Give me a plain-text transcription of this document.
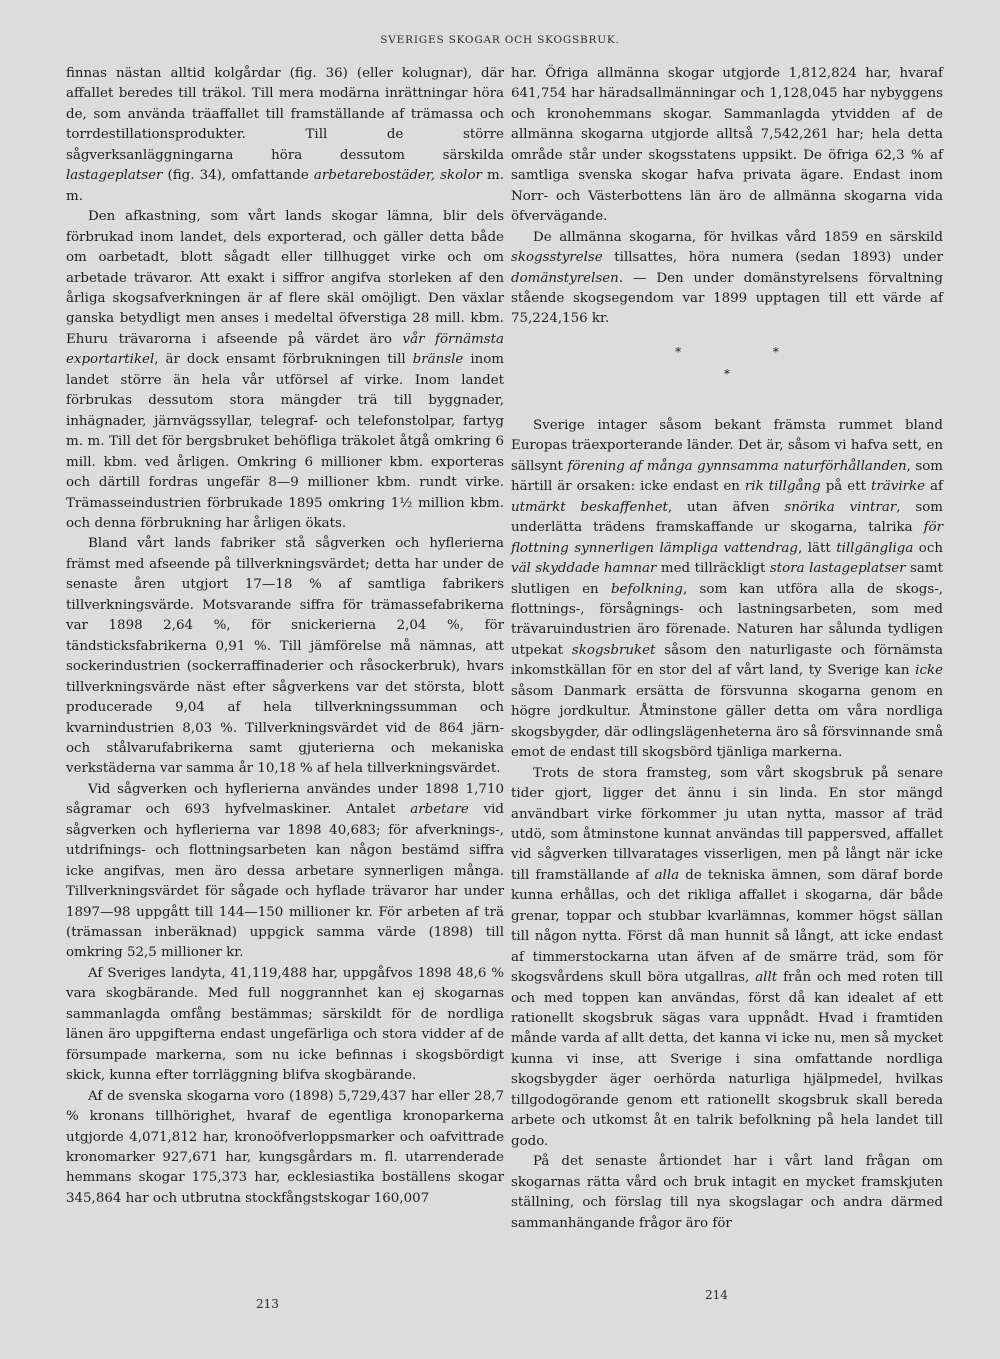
SVERIGES SKOGAR OCH SKOGSBRUK.

finnas nästan alltid kolgårdar (fig. 36) (eller kolugnar), där affallet beredes till träkol. Till mera modärna inrättningar höra de, som använda träaffallet till framställande af trämassa och torrdestillationsprodukter. Till de större sågverksanläggningarna höra dessutom särskilda lastageplatser (fig. 34), omfattande arbetarebostäder, skolor m. m.

Den afkastning, som vårt lands skogar lämna, blir dels förbrukad inom landet, dels exporterad, och gäller detta både om oarbetadt, blott sågadt eller tillhugget virke och om arbetade trävaror. Att exakt i siffror angifva storleken af den årliga skogsafverkningen är af flere skäl omöjligt. Den växlar ganska betydligt men anses i medeltal öfverstiga 28 mill. kbm. Ehuru trävarorna i afseende på värdet äro vår förnämsta exportartikel, är dock ensamt förbrukningen till bränsle inom landet större än hela vår utförsel af virke. Inom landet förbrukas dessutom stora mängder trä till byggnader, inhägnader, järnvägssyllar, telegraf- och telefonstolpar, fartyg m. m. Till det för bergsbruket behöfliga träkolet åtgå omkring 6 mill. kbm. ved årligen. Omkring 6 millioner kbm. exporteras och därtill fordras ungefär 8—9 millioner kbm. rundt virke. Trämasseindustrien förbrukade 1895 omkring 1½ million kbm. och denna förbrukning har årligen ökats.

Bland vårt lands fabriker stå sågverken och hyflerierna främst med afseende på tillverkningsvärdet; detta har under de senaste åren utgjort 17—18 % af samtliga fabrikers tillverkningsvärde. Motsvarande siffra för trämassefabrikerna var 1898 2,64 %, för snickerierna 2,04 %, för tändsticksfabrikerna 0,91 %. Till jämförelse må nämnas, att sockerindustrien (sockerraffinaderier och råsockerbruk), hvars tillverkningsvärde näst efter sågverkens var det största, blott producerade 9,04 af hela tillverkningssumman och kvarnindustrien 8,03 %. Tillverkningsvärdet vid de 864 järn- och stålvarufabrikerna samt gjuterierna och mekaniska verkstäderna var samma år 10,18 % af hela tillverkningsvärdet.

Vid sågverken och hyflerierna användes under 1898 1,710 sågramar och 693 hyfvelmaskiner. Antalet arbetare vid sågverken och hyflerierna var 1898 40,683; för afverknings-, utdrifnings- och flottningsarbeten kan någon bestämd siffra icke angifvas, men äro dessa arbetare synnerligen många. Tillverkningsvärdet för sågade och hyflade trävaror har under 1897—98 uppgått till 144—150 millioner kr. För arbeten af trä (trämassan inberäknad) uppgick samma värde (1898) till omkring 52,5 millioner kr.

Af Sveriges landyta, 41,119,488 har, uppgåfvos 1898 48,6 % vara skogbärande. Med full noggrannhet kan ej skogarnas sammanlagda omfång bestämmas; särskildt för de nordliga länen äro uppgifterna endast ungefärliga och stora vidder af de försumpade markerna, som nu icke befinnas i skogsbördigt skick, kunna efter torrläggning blifva skogbärande.

Af de svenska skogarna voro (1898) 5,729,437 har eller 28,7 % kronans tillhörighet, hvaraf de egentliga kronoparkerna utgjorde 4,071,812 har, kronoöfverloppsmarker och oafvittrade kronomarker 927,671 har, kungsgårdars m. fl. utarrenderade hemmans skogar 175,373 har, ecklesiastika boställens skogar 345,864 har och utbrutna stockfångstskogar 160,007

har. Öfriga allmänna skogar utgjorde 1,812,824 har, hvaraf 641,754 har häradsallmänningar och 1,128,045 har nybyggens och kronohemmans skogar. Sammanlagda ytvidden af de allmänna skogarna utgjorde alltså 7,542,261 har; hela detta område står under skogsstatens uppsikt. De öfriga 62,3 % af samtliga svenska skogar hafva privata ägare. Endast inom Norr- och Västerbottens län äro de allmänna skogarna vida öfvervägande.

De allmänna skogarna, för hvilkas vård 1859 en särskild skogsstyrelse tillsattes, höra numera (sedan 1893) under domänstyrelsen. — Den under domänstyrelsens förvaltning stående skogsegendom var 1899 upptagen till ett värde af 75,224,156 kr.

* *
*

Sverige intager såsom bekant främsta rummet bland Europas träexporterande länder. Det är, såsom vi hafva sett, en sällsynt förening af många gynnsamma naturförhållanden, som härtill är orsaken: icke endast en rik tillgång på ett trävirke af utmärkt beskaffenhet, utan äfven snörika vintrar, som underlätta trädens framskaffande ur skogarna, talrika för flottning synnerligen lämpliga vattendrag, lätt tillgängliga och väl skyddade hamnar med tillräckligt stora lastageplatser samt slutligen en befolkning, som kan utföra alla de skogs-, flottnings-, försågnings- och lastningsarbeten, som med trävaruindustrien äro förenade. Naturen har sålunda tydligen utpekat skogsbruket såsom den naturligaste och förnämsta inkomstkällan för en stor del af vårt land, ty Sverige kan icke såsom Danmark ersätta de försvunna skogarna genom en högre jordkultur. Åtminstone gäller detta om våra nordliga skogsbygder, där odlingslägenheterna äro så försvinnande små emot de endast till skogsbörd tjänliga markerna.

Trots de stora framsteg, som vårt skogsbruk på senare tider gjort, ligger det ännu i sin linda. En stor mängd användbart virke förkommer ju utan nytta, massor af träd utdö, som åtminstone kunnat användas till pappersved, affallet vid sågverken tillvaratages visserligen, men på långt när icke till framställande af alla de tekniska ämnen, som däraf borde kunna erhållas, och det rikliga affallet i skogarna, där både grenar, toppar och stubbar kvarlämnas, kommer högst sällan till någon nytta. Först då man hunnit så långt, att icke endast af timmerstockarna utan äfven af de smärre träd, som för skogsvårdens skull böra utgallras, allt från och med roten till och med toppen kan användas, först då kan idealet af ett rationellt skogsbruk sägas vara uppnådt. Hvad i framtiden månde varda af allt detta, det kanna vi icke nu, men så mycket kunna vi inse, att Sverige i sina omfattande nordliga skogsbygder äger oerhörda naturliga hjälpmedel, hvilkas tillgodogörande genom ett rationellt skogsbruk skall bereda arbete och utkomst åt en talrik befolkning på hela landet till godo.

På det senaste årtiondet har i vårt land frågan om skogarnas rätta vård och bruk intagit en mycket framskjuten ställning, och förslag till nya skogslagar och andra därmed sammanhängande frågor äro för

213
214
